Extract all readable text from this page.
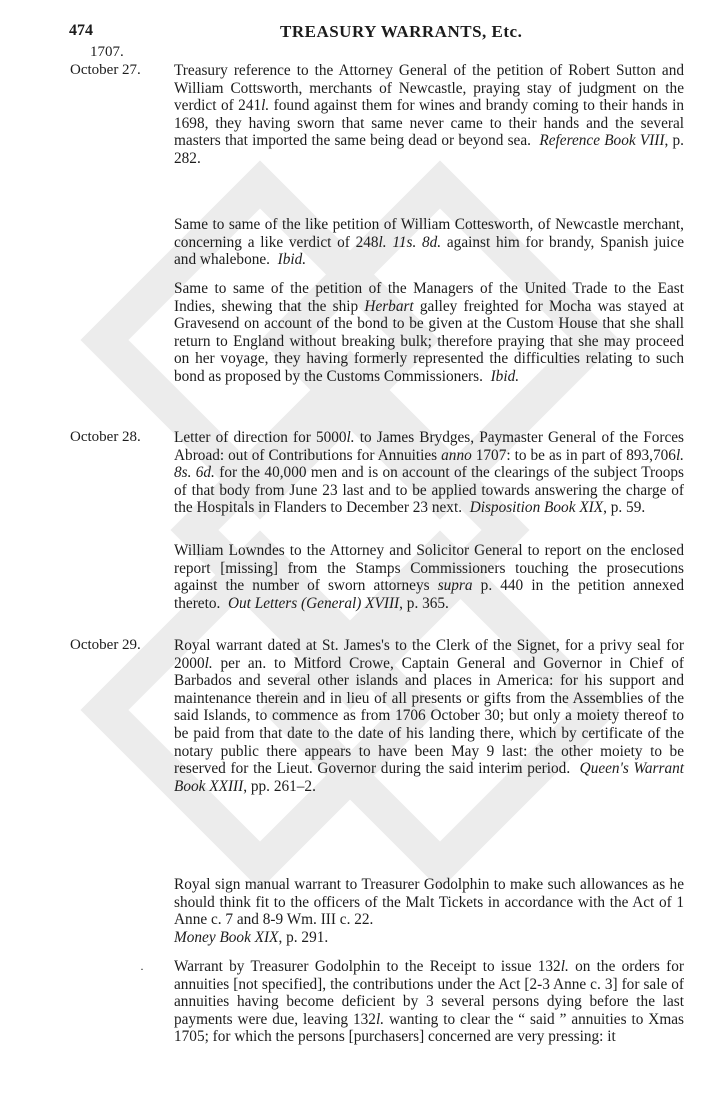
474	TREASURY WARRANTS, Etc.
1707.
October 27.	Treasury reference to the Attorney General of the petition of Robert Sutton and William Cottsworth, merchants of Newcastle, praying stay of judgment on the verdict of 241l. found against them for wines and brandy coming to their hands in 1698, they having sworn that same never came to their hands and the several masters that imported the same being dead or beyond sea. Reference Book VIII, p. 282.

Same to same of the like petition of William Cottesworth, of Newcastle merchant, concerning a like verdict of 248l. 11s. 8d. against him for brandy, Spanish juice and whalebone. Ibid.

Same to same of the petition of the Managers of the United Trade to the East Indies, shewing that the ship Herbart galley freighted for Mocha was stayed at Gravesend on account of the bond to be given at the Custom House that she shall return to England without breaking bulk; therefore praying that she may proceed on her voyage, they having formerly represented the difficulties relating to such bond as proposed by the Customs Commissioners. Ibid.

October 28.	Letter of direction for 5000l. to James Brydges, Paymaster General of the Forces Abroad: out of Contributions for Annuities anno 1707: to be as in part of 893,706l. 8s. 6d. for the 40,000 men and is on account of the clearings of the subject Troops of that body from June 23 last and to be applied towards answering the charge of the Hospitals in Flanders to December 23 next. Disposition Book XIX, p. 59.

William Lowndes to the Attorney and Solicitor General to report on the enclosed report [missing] from the Stamps Commissioners touching the prosecutions against the number of sworn attorneys supra p. 440 in the petition annexed thereto. Out Letters (General) XVIII, p. 365.

October 29.	Royal warrant dated at St. James's to the Clerk of the Signet, for a privy seal for 2000l. per an. to Mitford Crowe, Captain General and Governor in Chief of Barbados and several other islands and places in America: for his support and maintenance therein and in lieu of all presents or gifts from the Assemblies of the said Islands, to commence as from 1706 October 30; but only a moiety thereof to be paid from that date to the date of his landing there, which by certificate of the notary public there appears to have been May 9 last: the other moiety to be reserved for the Lieut. Governor during the said interim period. Queen's Warrant Book XXIII, pp. 261–2.

Royal sign manual warrant to Treasurer Godolphin to make such allowances as he should think fit to the officers of the Malt Tickets in accordance with the Act of 1 Anne c. 7 and 8-9 Wm. III c. 22.
Money Book XIX, p. 291.

· Warrant by Treasurer Godolphin to the Receipt to issue 132l. on the orders for annuities [not specified], the contributions under the Act [2-3 Anne c. 3] for sale of annuities having become deficient by 3 several persons dying before the last payments were due, leaving 132l. wanting to clear the “ said ” annuities to Xmas 1705; for which the persons [purchasers] concerned are very pressing: it
